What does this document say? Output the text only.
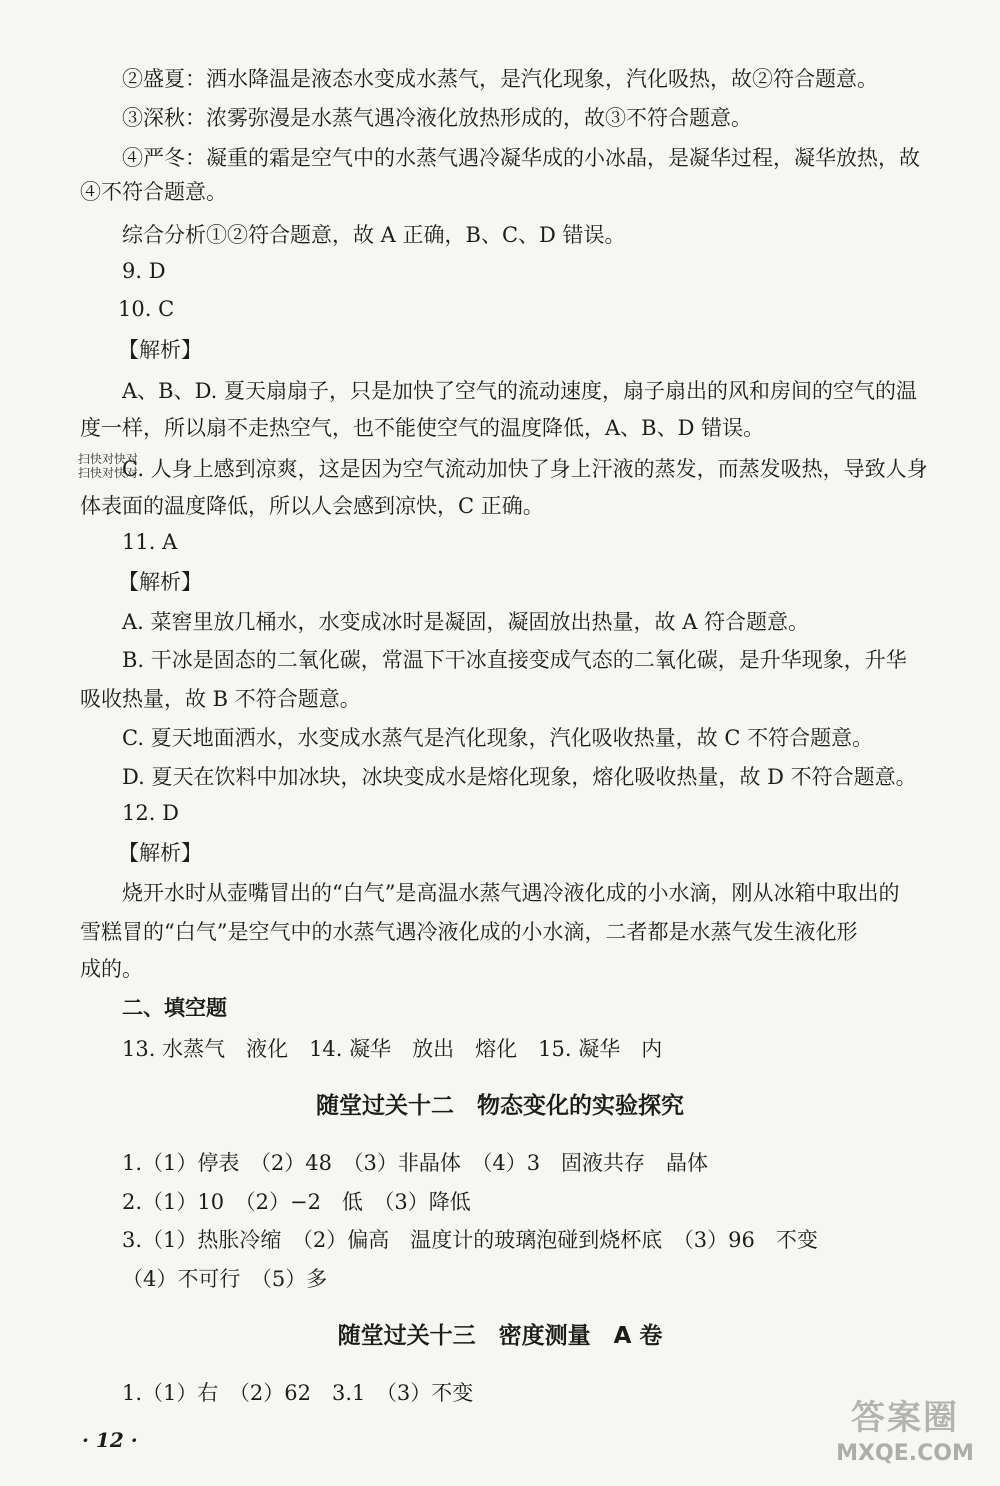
②盛夏：洒水降温是液态水变成水蒸气，是汽化现象，汽化吸热，故②符合题意。
③深秋：浓雾弥漫是水蒸气遇冷液化放热形成的，故③不符合题意。
④严冬：凝重的霜是空气中的水蒸气遇冷凝华成的小冰晶，是凝华过程，凝华放热，故
④不符合题意。
综合分析①②符合题意，故 A 正确，B、C、D 错误。
9. D
10. C
【解析】
A、B、D. 夏天扇扇子，只是加快了空气的流动速度，扇子扇出的风和房间的空气的温
度一样，所以扇不走热空气，也不能使空气的温度降低，A、B、D 错误。
C. 人身上感到凉爽，这是因为空气流动加快了身上汗液的蒸发，而蒸发吸热，导致人身
体表面的温度降低，所以人会感到凉快，C 正确。
11. A
【解析】
A. 菜窖里放几桶水，水变成冰时是凝固，凝固放出热量，故 A 符合题意。
B. 干冰是固态的二氧化碳，常温下干冰直接变成气态的二氧化碳，是升华现象，升华
吸收热量，故 B 不符合题意。
C. 夏天地面洒水，水变成水蒸气是汽化现象，汽化吸收热量，故 C 不符合题意。
D. 夏天在饮料中加冰块，冰块变成水是熔化现象，熔化吸收热量，故 D 不符合题意。
12. D
【解析】
烧开水时从壶嘴冒出的“白气”是高温水蒸气遇冷液化成的小水滴，刚从冰箱中取出的
雪糕冒的“白气”是空气中的水蒸气遇冷液化成的小水滴，二者都是水蒸气发生液化形
成的。
二、填空题
13. 水蒸气　液化　14. 凝华　放出　熔化　15. 凝华　内
随堂过关十二　物态变化的实验探究
1.（1）停表　（2）48　（3）非晶体　（4）3　固液共存　晶体
2.（1）10　（2）−2　低　（3）降低
3.（1）热胀冷缩　（2）偏高　温度计的玻璃泡碰到烧杯底　（3）96　不变
（4）不可行　（5）多
随堂过关十三　密度测量　A 卷
1.（1）右　（2）62　3.1　（3）不变
扫快对快对
扫快对快对
· 12 ·
答案圈
MXQE.COM
